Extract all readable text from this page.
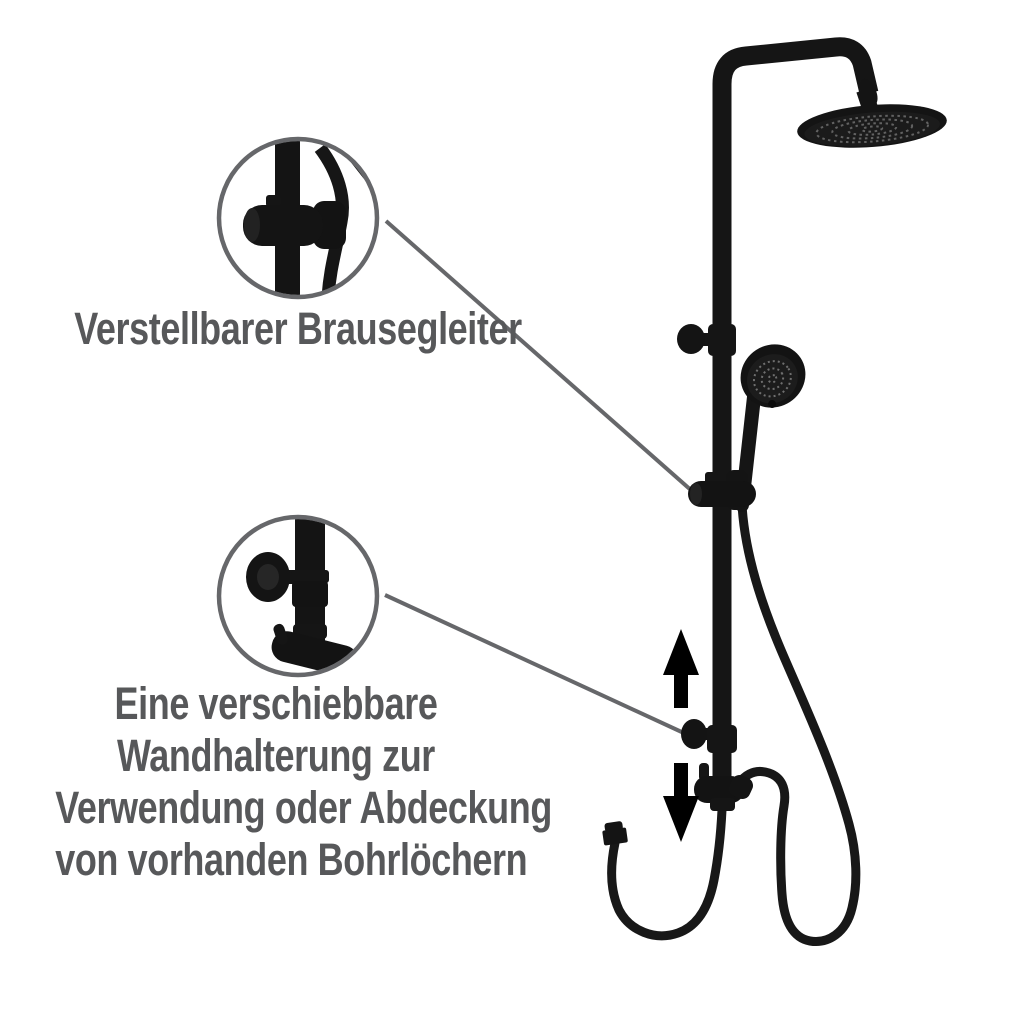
Verstellbarer Brausegleiter
Eine verschiebbare
Wandhalterung zur
Verwendung oder Abdeckung
von vorhanden Bohrlöchern
